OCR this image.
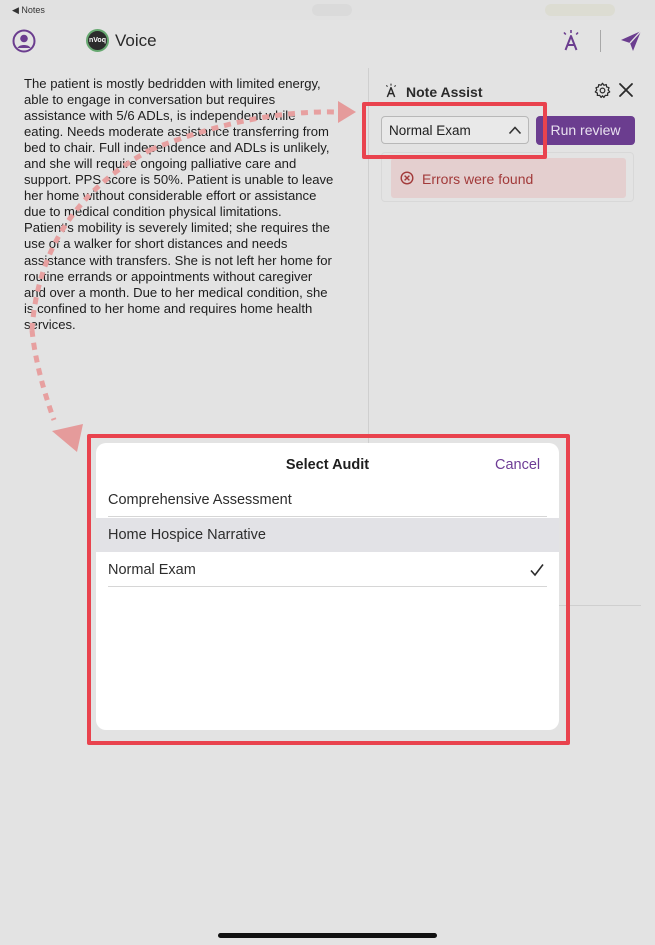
◀ Notes
nVoq Voice

The patient is mostly bedridden with limited energy,

able to engage in conversation but requires

assistance with 5/6 ADLs, is independent while

eating. Needs moderate assistance transferring from

bed to chair. Full independence and ADLs is unlikely,

and she will require ongoing palliative care and

support. PPS score is 50%. Patient is unable to leave

her home without considerable effort or assistance

due to medical condition physical limitations.

Patient's mobility is severely limited; she requires the

use of a walker for short distances and needs

assistance with transfers. She is not left her home for

routine errands or appointments without caregiver

and over a month. Due to her medical condition, she

is confined to her home and requires home health

services.

Note Assist
Normal Exam	Run review
Errors were found
Select Audit	Cancel
Comprehensive Assessment
Home Hospice Narrative
Normal Exam
